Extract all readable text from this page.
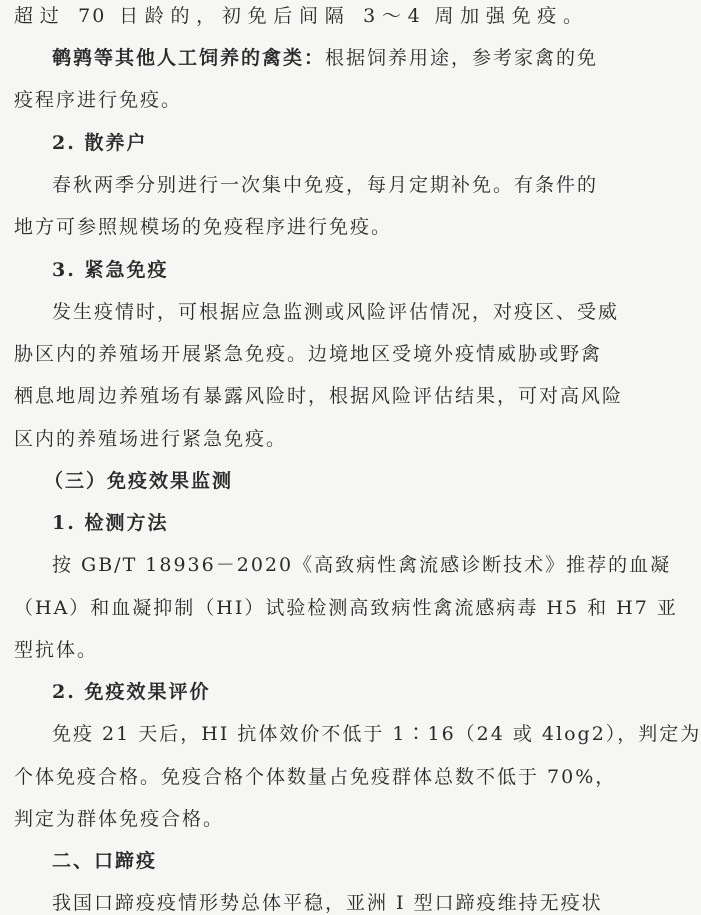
超过 70 日龄的，初免后间隔 3～4 周加强免疫。
鹌鹑等其他人工饲养的禽类：根据饲养用途，参考家禽的免
疫程序进行免疫。
2. 散养户
春秋两季分别进行一次集中免疫，每月定期补免。有条件的
地方可参照规模场的免疫程序进行免疫。
3. 紧急免疫
发生疫情时，可根据应急监测或风险评估情况，对疫区、受威
胁区内的养殖场开展紧急免疫。边境地区受境外疫情威胁或野禽
栖息地周边养殖场有暴露风险时，根据风险评估结果，可对高风险
区内的养殖场进行紧急免疫。
（三）免疫效果监测
1. 检测方法
按 GB/T 18936－2020《高致病性禽流感诊断技术》推荐的血凝
（HA）和血凝抑制（HI）试验检测高致病性禽流感病毒 H5 和 H7 亚
型抗体。
2. 免疫效果评价
免疫 21 天后，HI 抗体效价不低于 1∶16（24 或 4log2），判定为
个体免疫合格。免疫合格个体数量占免疫群体总数不低于 70%，
判定为群体免疫合格。
二、口蹄疫
我国口蹄疫疫情形势总体平稳，亚洲 I 型口蹄疫维持无疫状
